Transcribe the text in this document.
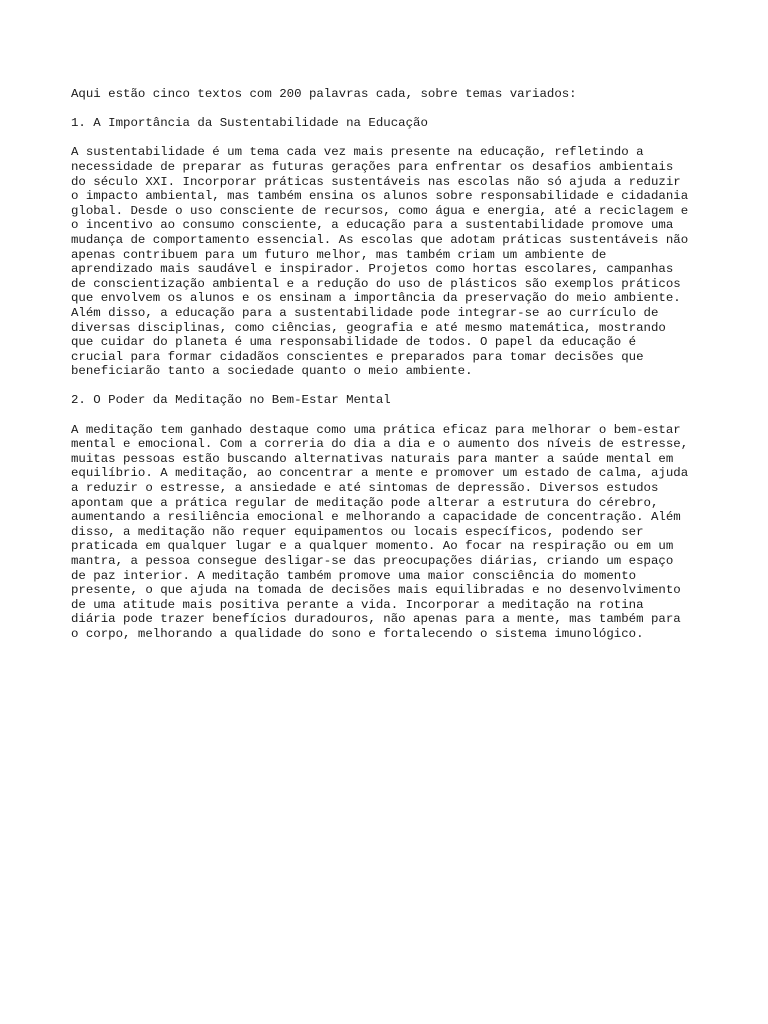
Aqui estão cinco textos com 200 palavras cada, sobre temas variados:

1. A Importância da Sustentabilidade na Educação

A sustentabilidade é um tema cada vez mais presente na educação, refletindo a
necessidade de preparar as futuras gerações para enfrentar os desafios ambientais
do século XXI. Incorporar práticas sustentáveis nas escolas não só ajuda a reduzir
o impacto ambiental, mas também ensina os alunos sobre responsabilidade e cidadania
global. Desde o uso consciente de recursos, como água e energia, até a reciclagem e
o incentivo ao consumo consciente, a educação para a sustentabilidade promove uma
mudança de comportamento essencial. As escolas que adotam práticas sustentáveis não
apenas contribuem para um futuro melhor, mas também criam um ambiente de
aprendizado mais saudável e inspirador. Projetos como hortas escolares, campanhas
de conscientização ambiental e a redução do uso de plásticos são exemplos práticos
que envolvem os alunos e os ensinam a importância da preservação do meio ambiente.
Além disso, a educação para a sustentabilidade pode integrar-se ao currículo de
diversas disciplinas, como ciências, geografia e até mesmo matemática, mostrando
que cuidar do planeta é uma responsabilidade de todos. O papel da educação é
crucial para formar cidadãos conscientes e preparados para tomar decisões que
beneficiarão tanto a sociedade quanto o meio ambiente.

2. O Poder da Meditação no Bem-Estar Mental

A meditação tem ganhado destaque como uma prática eficaz para melhorar o bem-estar
mental e emocional. Com a correria do dia a dia e o aumento dos níveis de estresse,
muitas pessoas estão buscando alternativas naturais para manter a saúde mental em
equilíbrio. A meditação, ao concentrar a mente e promover um estado de calma, ajuda
a reduzir o estresse, a ansiedade e até sintomas de depressão. Diversos estudos
apontam que a prática regular de meditação pode alterar a estrutura do cérebro,
aumentando a resiliência emocional e melhorando a capacidade de concentração. Além
disso, a meditação não requer equipamentos ou locais específicos, podendo ser
praticada em qualquer lugar e a qualquer momento. Ao focar na respiração ou em um
mantra, a pessoa consegue desligar-se das preocupações diárias, criando um espaço
de paz interior. A meditação também promove uma maior consciência do momento
presente, o que ajuda na tomada de decisões mais equilibradas e no desenvolvimento
de uma atitude mais positiva perante a vida. Incorporar a meditação na rotina
diária pode trazer benefícios duradouros, não apenas para a mente, mas também para
o corpo, melhorando a qualidade do sono e fortalecendo o sistema imunológico.
